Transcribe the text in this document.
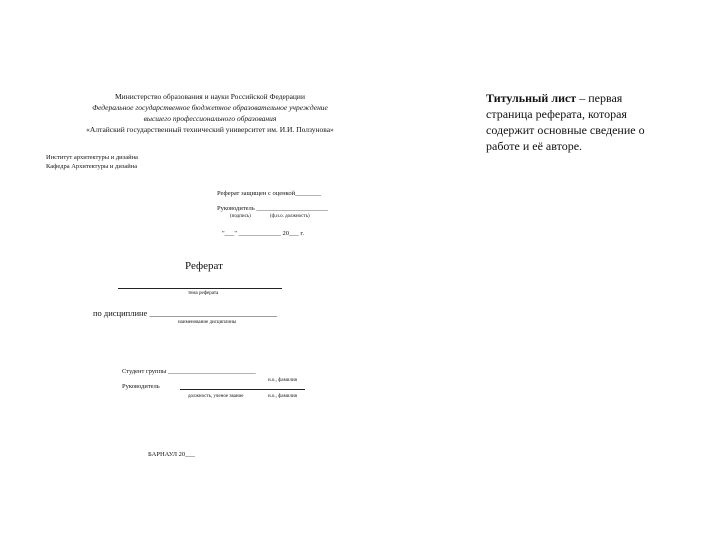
Министерство образования и науки Российской Федерации
Федеральное государственное бюджетное образовательное учреждение
высшего профессионального образования
«Алтайский государственный технический университет им. И.И. Ползунова»
Институт архитектуры и дизайна
Кафедра Архитектуры и дизайна
Реферат защищен с оценкой________
Руководитель ______________________
(подпись)	(ф.и.о. должность)
"___" _____________ 20___ г.
Реферат
тема реферата
по дисциплине ______________________________
наименование дисциплины
Студент группы ___________________________
и.о., фамилия
Руководитель
должность, ученое звание	и.о., фамилия
БАРНАУЛ 20___
Титульный лист – первая страница реферата, которая содержит основные сведение о работе и её авторе.
